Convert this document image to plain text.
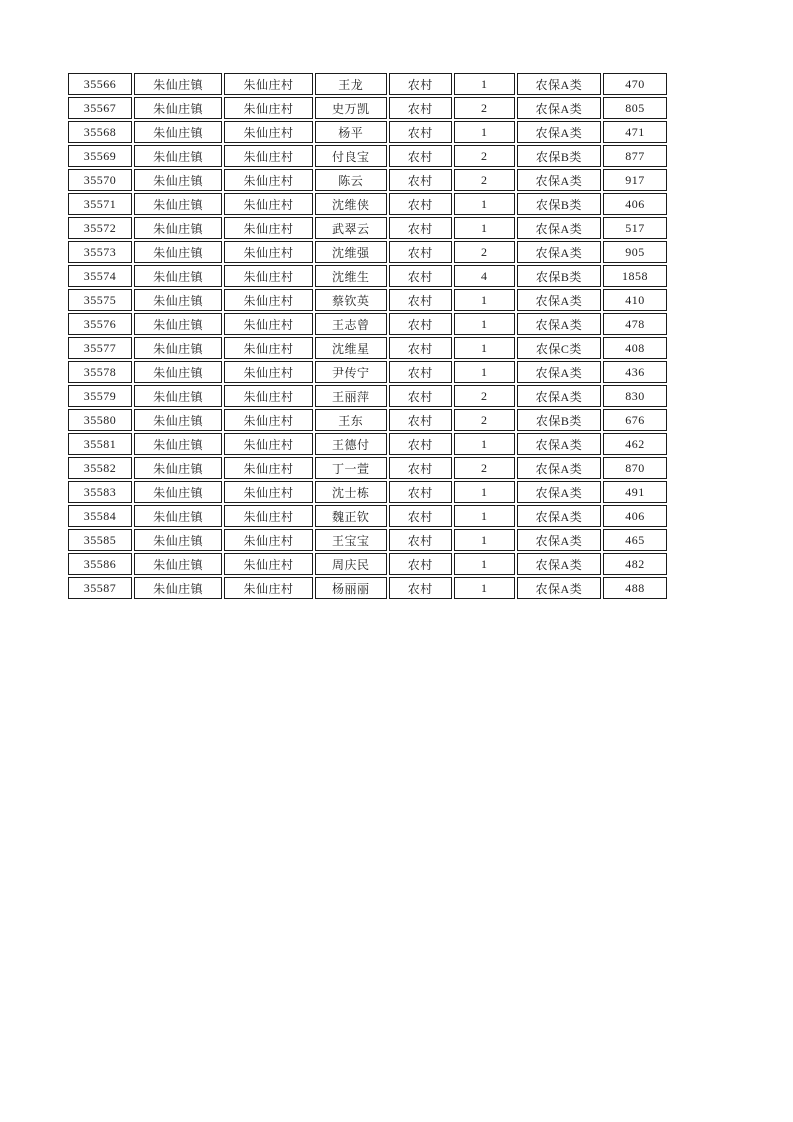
35566	朱仙庄镇	朱仙庄村	王龙	农村	1	农保A类	470
35567	朱仙庄镇	朱仙庄村	史万凯	农村	2	农保A类	805
35568	朱仙庄镇	朱仙庄村	杨平	农村	1	农保A类	471
35569	朱仙庄镇	朱仙庄村	付良宝	农村	2	农保B类	877
35570	朱仙庄镇	朱仙庄村	陈云	农村	2	农保A类	917
35571	朱仙庄镇	朱仙庄村	沈维侠	农村	1	农保B类	406
35572	朱仙庄镇	朱仙庄村	武翠云	农村	1	农保A类	517
35573	朱仙庄镇	朱仙庄村	沈维强	农村	2	农保A类	905
35574	朱仙庄镇	朱仙庄村	沈维生	农村	4	农保B类	1858
35575	朱仙庄镇	朱仙庄村	蔡钦英	农村	1	农保A类	410
35576	朱仙庄镇	朱仙庄村	王志曾	农村	1	农保A类	478
35577	朱仙庄镇	朱仙庄村	沈维星	农村	1	农保C类	408
35578	朱仙庄镇	朱仙庄村	尹传宁	农村	1	农保A类	436
35579	朱仙庄镇	朱仙庄村	王丽萍	农村	2	农保A类	830
35580	朱仙庄镇	朱仙庄村	王东	农村	2	农保B类	676
35581	朱仙庄镇	朱仙庄村	王德付	农村	1	农保A类	462
35582	朱仙庄镇	朱仙庄村	丁一萱	农村	2	农保A类	870
35583	朱仙庄镇	朱仙庄村	沈士栋	农村	1	农保A类	491
35584	朱仙庄镇	朱仙庄村	魏正钦	农村	1	农保A类	406
35585	朱仙庄镇	朱仙庄村	王宝宝	农村	1	农保A类	465
35586	朱仙庄镇	朱仙庄村	周庆民	农村	1	农保A类	482
35587	朱仙庄镇	朱仙庄村	杨丽丽	农村	1	农保A类	488
